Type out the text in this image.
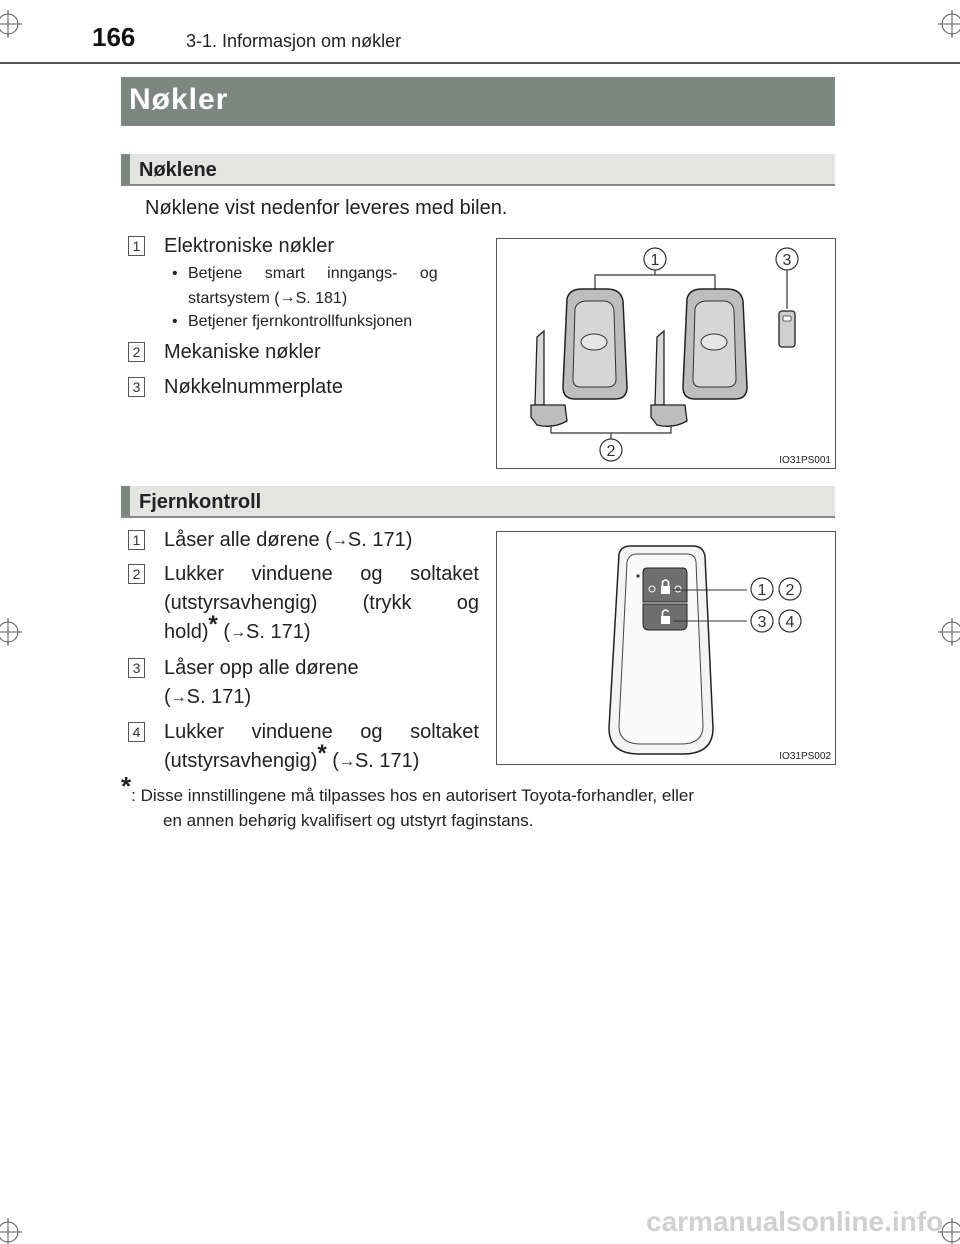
166	3-1. Informasjon om nøkler
Nøkler
Nøklene
Nøklene vist nedenfor leveres med bilen.
1 Elektroniske nøkler
• Betjene smart inngangs- og
startsystem (→S. 181)
• Betjener fjernkontrollfunksjonen
2 Mekaniske nøkler
3 Nøkkelnummerplate
1	3
2
IO31PS001
Fjernkontroll
1 Låser alle dørene (→S. 171)
2 Lukker vinduene og soltaket
(utstyrsavhengig) (trykk og
hold)* (→S. 171)
3 Låser opp alle dørene
(→S. 171)
4 Lukker vinduene og soltaket
(utstyrsavhengig)* (→S. 171)
1 2
3 4
IO31PS002
*: Disse innstillingene må tilpasses hos en autorisert Toyota-forhandler, eller
en annen behørig kvalifisert og utstyrt faginstans.
carmanualsonline.info
